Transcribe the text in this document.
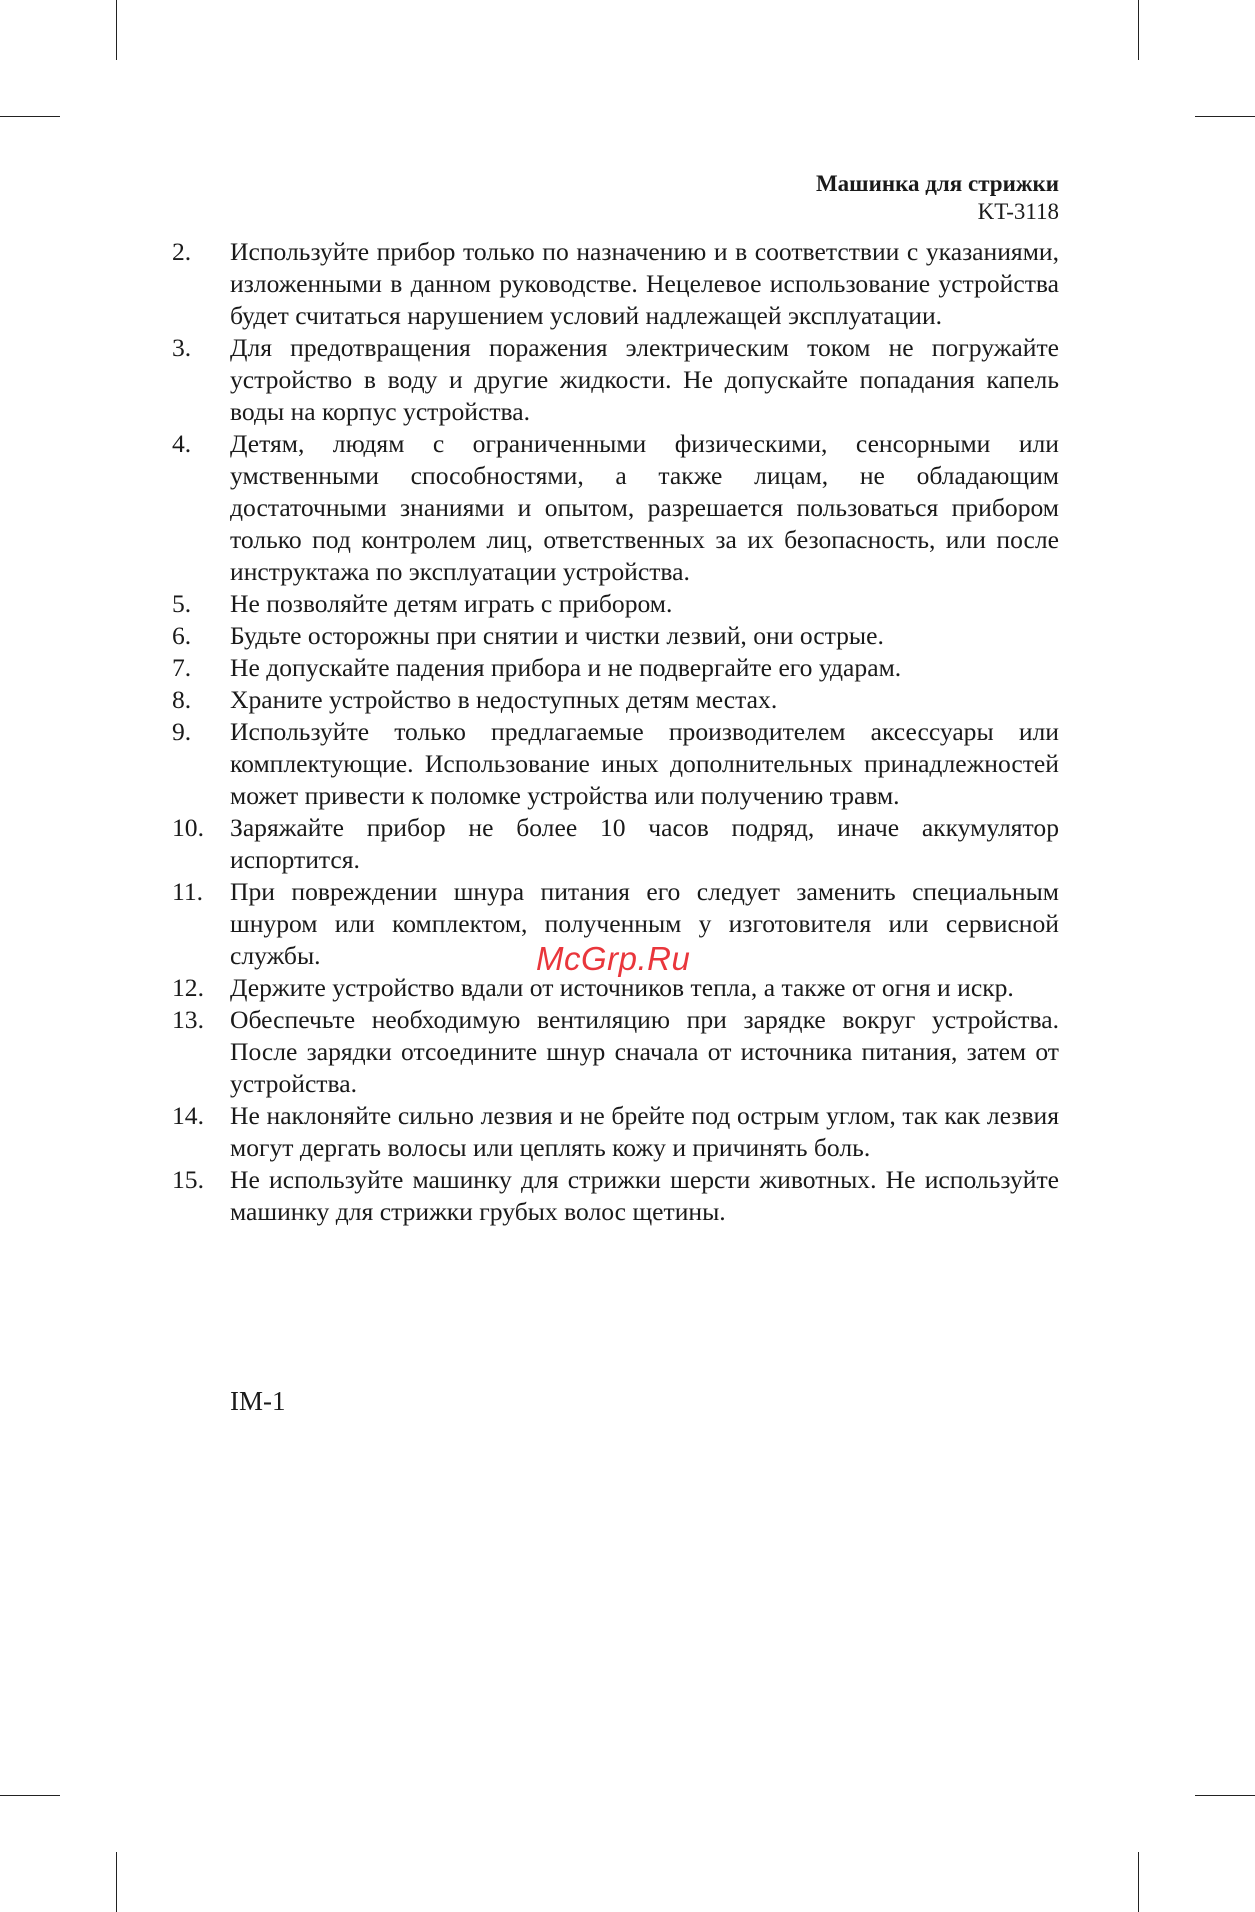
Машинка для стрижки
KT-3118
2.	Используйте прибор только по назначению и в соответствии с указаниями, изложенными в данном руководстве. Нецелевое использование устройства будет считаться нарушением условий надлежащей эксплуатации.
3.	Для предотвращения поражения электрическим током не погружайте устройство в воду и другие жидкости. Не допускайте попадания капель воды на корпус устройства.
4.	Детям, людям с ограниченными физическими, сенсорными или умственными способностями, а также лицам, не обладающим достаточными знаниями и опытом, разрешается пользоваться прибором только под контролем лиц, ответственных за их безопасность, или после инструктажа по эксплуатации устройства.
5.	Не позволяйте детям играть с прибором.
6.	Будьте осторожны при снятии и чистки лезвий, они острые.
7.	Не допускайте падения прибора и не подвергайте его ударам.
8.	Храните устройство в недоступных детям местах.
9.	Используйте только предлагаемые производителем аксессуары или комплектующие. Использование иных дополнительных принадлежностей может привести к поломке устройства или получению травм.
10.	Заряжайте прибор не более 10 часов подряд, иначе аккумулятор испортится.
11.	При повреждении шнура питания его следует заменить специальным шнуром или комплектом, полученным у изготовителя или сервисной службы.
12.	Держите устройство вдали от источников тепла, а также от огня и искр.
13.	Обеспечьте необходимую вентиляцию при зарядке вокруг устройства. После зарядки отсоедините шнур сначала от источника питания, затем от устройства.
14.	Не наклоняйте сильно лезвия и не брейте под острым углом, так как лезвия могут дергать волосы или цеплять кожу и причинять боль.
15.	Не используйте машинку для стрижки шерсти животных. Не используйте машинку для стрижки грубых волос щетины.
McGrp.Ru
IM-1
